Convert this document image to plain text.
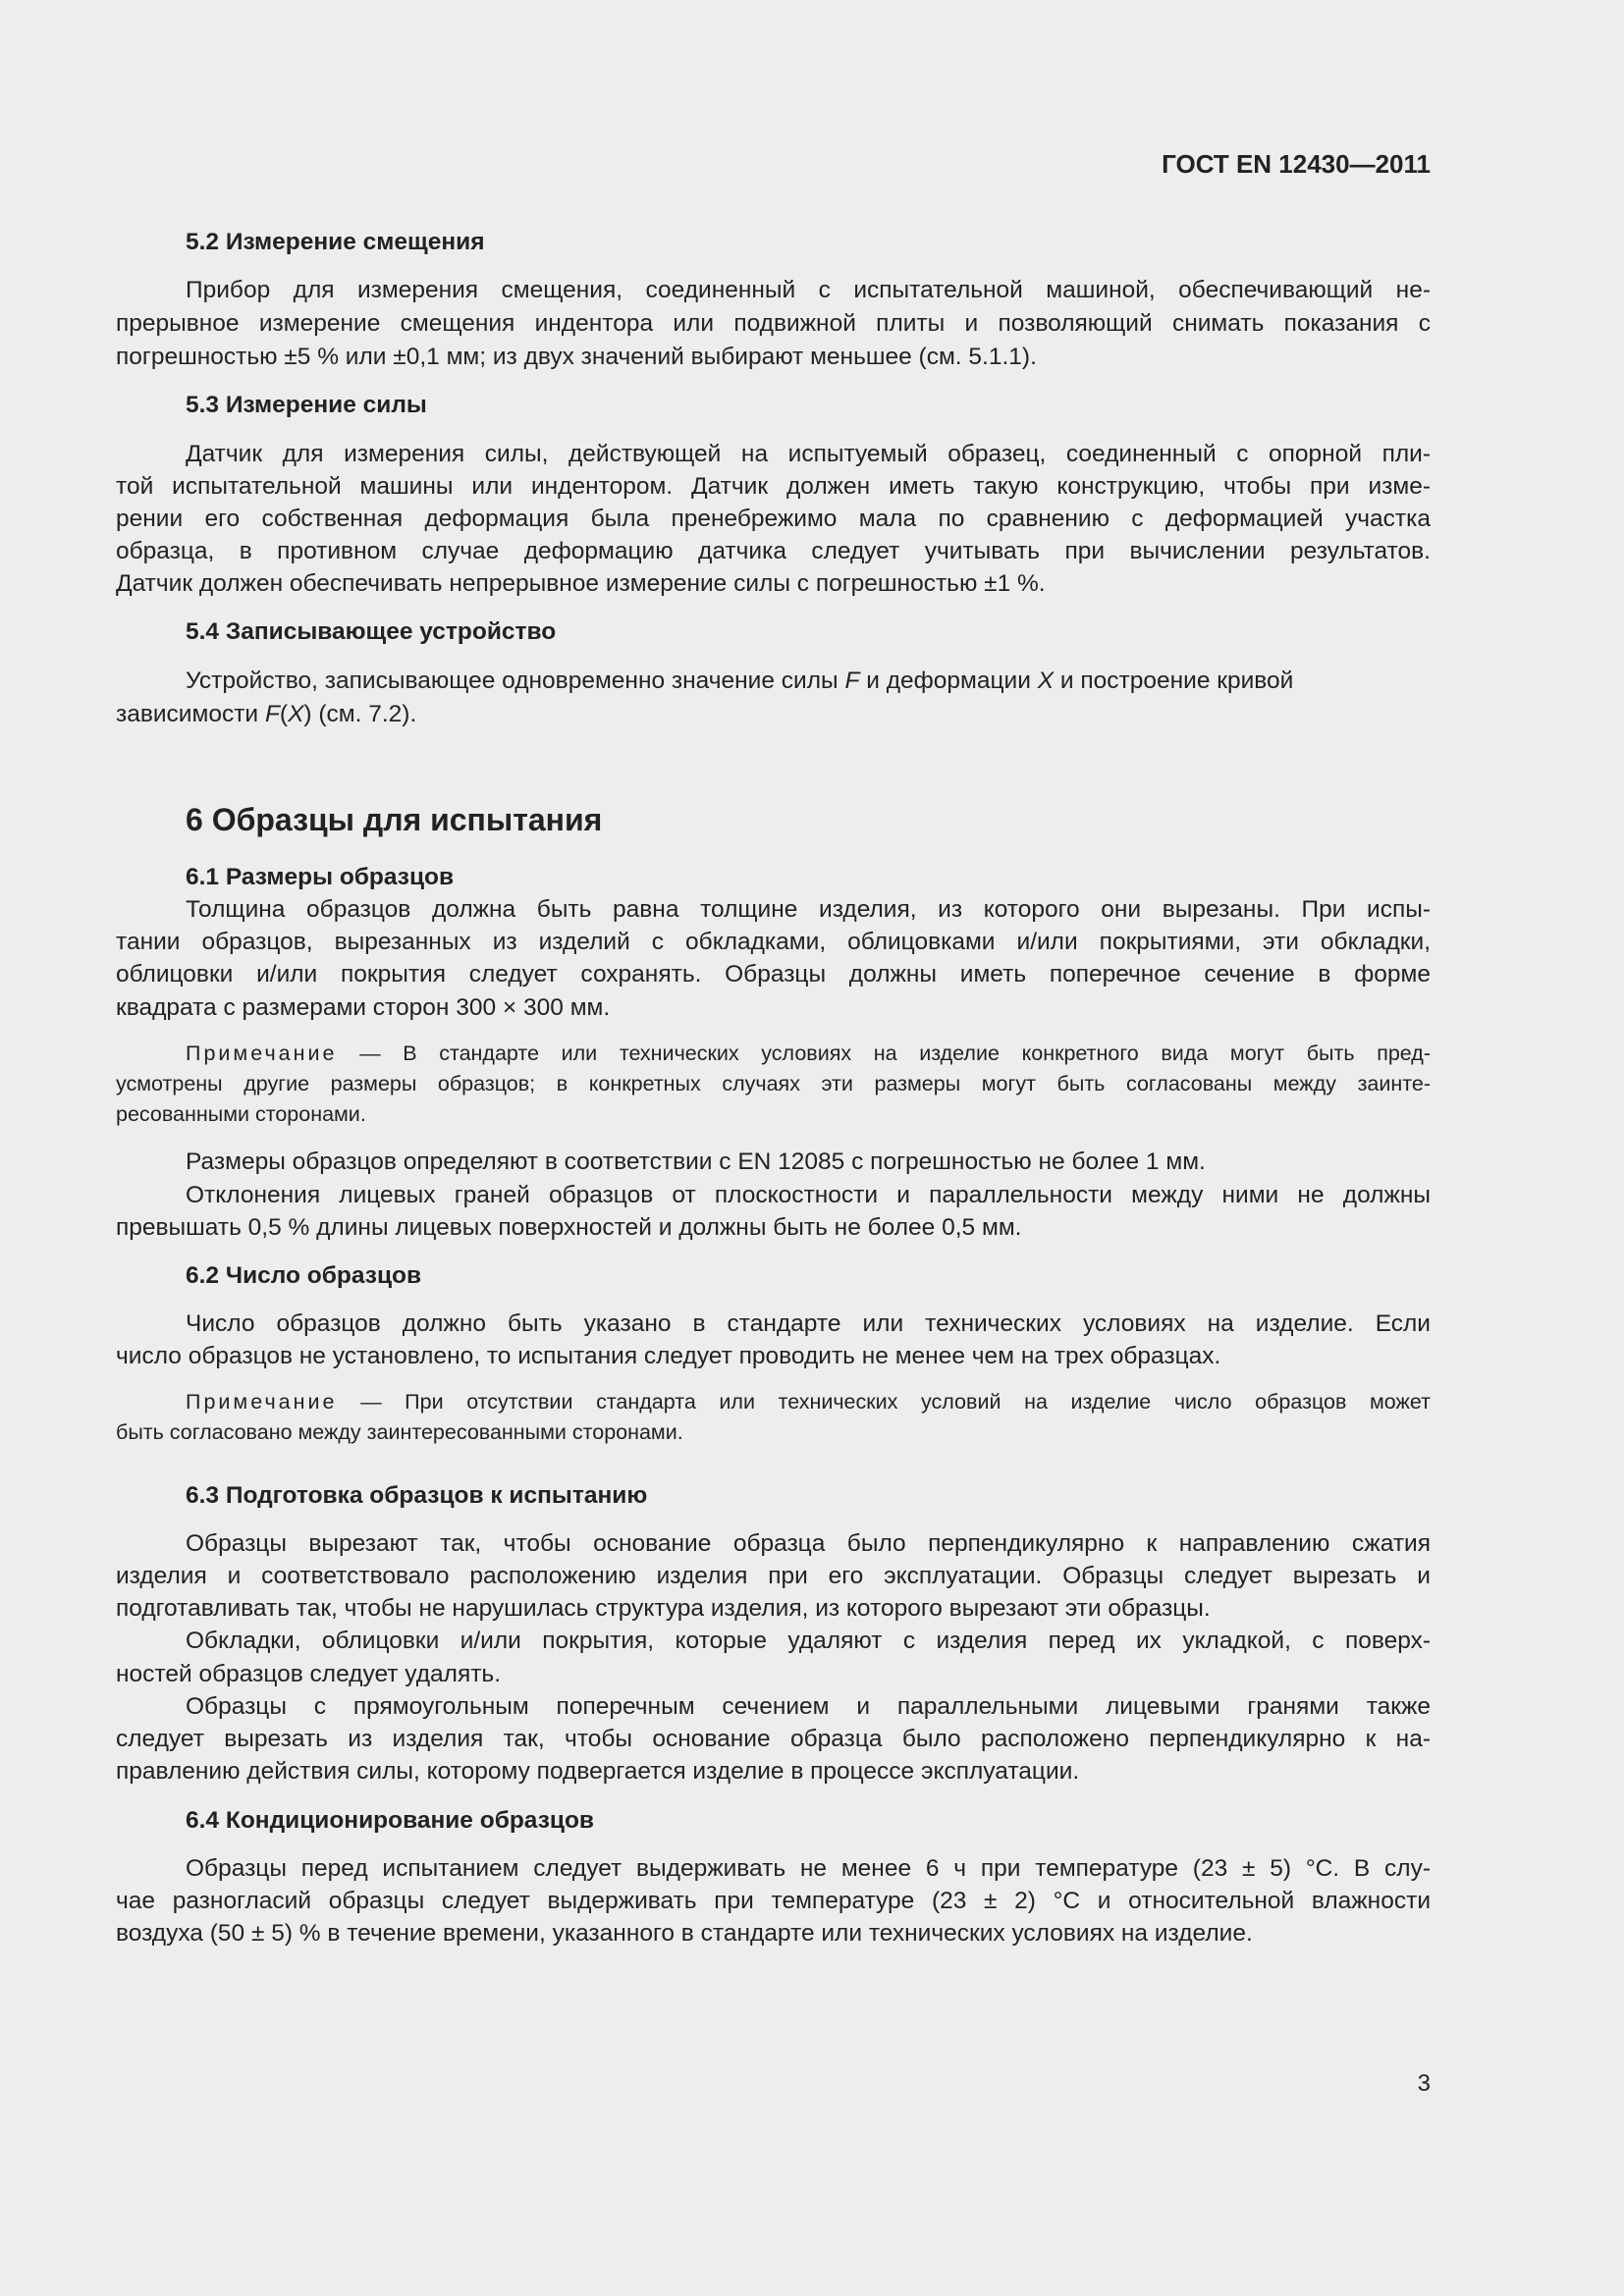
ГОСТ EN 12430—2011
5.2 Измерение смещения
Прибор для измерения смещения, соединенный с испытательной машиной, обеспечивающий не-
прерывное измерение смещения индентора или подвижной плиты и позволяющий снимать показания с
погрешностью ±5 % или ±0,1 мм; из двух значений выбирают меньшее (см. 5.1.1).
5.3 Измерение силы
Датчик для измерения силы, действующей на испытуемый образец, соединенный с опорной пли-
той испытательной машины или индентором. Датчик должен иметь такую конструкцию, чтобы при изме-
рении его собственная деформация была пренебрежимо мала по сравнению с деформацией участка
образца, в противном случае деформацию датчика следует учитывать при вычислении результатов.
Датчик должен обеспечивать непрерывное измерение силы с погрешностью ±1 %.
5.4 Записывающее устройство
Устройство, записывающее одновременно значение силы F и деформации X и построение кривой
зависимости F(X) (см. 7.2).
6 Образцы для испытания
6.1 Размеры образцов
Толщина образцов должна быть равна толщине изделия, из которого они вырезаны. При испы-
тании образцов, вырезанных из изделий с обкладками, облицовками и/или покрытиями, эти обкладки,
облицовки и/или покрытия следует сохранять. Образцы должны иметь поперечное сечение в форме
квадрата с размерами сторон 300 × 300 мм.
Примечание — В стандарте или технических условиях на изделие конкретного вида могут быть пред-
усмотрены другие размеры образцов; в конкретных случаях эти размеры могут быть согласованы между заинте-
ресованными сторонами.
Размеры образцов определяют в соответствии с EN 12085 с погрешностью не более 1 мм.
Отклонения лицевых граней образцов от плоскостности и параллельности между ними не должны
превышать 0,5 % длины лицевых поверхностей и должны быть не более 0,5 мм.
6.2 Число образцов
Число образцов должно быть указано в стандарте или технических условиях на изделие. Если
число образцов не установлено, то испытания следует проводить не менее чем на трех образцах.
Примечание — При отсутствии стандарта или технических условий на изделие число образцов может
быть согласовано между заинтересованными сторонами.
6.3 Подготовка образцов к испытанию
Образцы вырезают так, чтобы основание образца было перпендикулярно к направлению сжатия
изделия и соответствовало расположению изделия при его эксплуатации. Образцы следует вырезать и
подготавливать так, чтобы не нарушилась структура изделия, из которого вырезают эти образцы.
Обкладки, облицовки и/или покрытия, которые удаляют с изделия перед их укладкой, с поверх-
ностей образцов следует удалять.
Образцы с прямоугольным поперечным сечением и параллельными лицевыми гранями также
следует вырезать из изделия так, чтобы основание образца было расположено перпендикулярно к на-
правлению действия силы, которому подвергается изделие в процессе эксплуатации.
6.4 Кондиционирование образцов
Образцы перед испытанием следует выдерживать не менее 6 ч при температуре (23 ± 5) °С. В слу-
чае разногласий образцы следует выдерживать при температуре (23 ± 2) °С и относительной влажности
воздуха (50 ± 5) % в течение времени, указанного в стандарте или технических условиях на изделие.
3
